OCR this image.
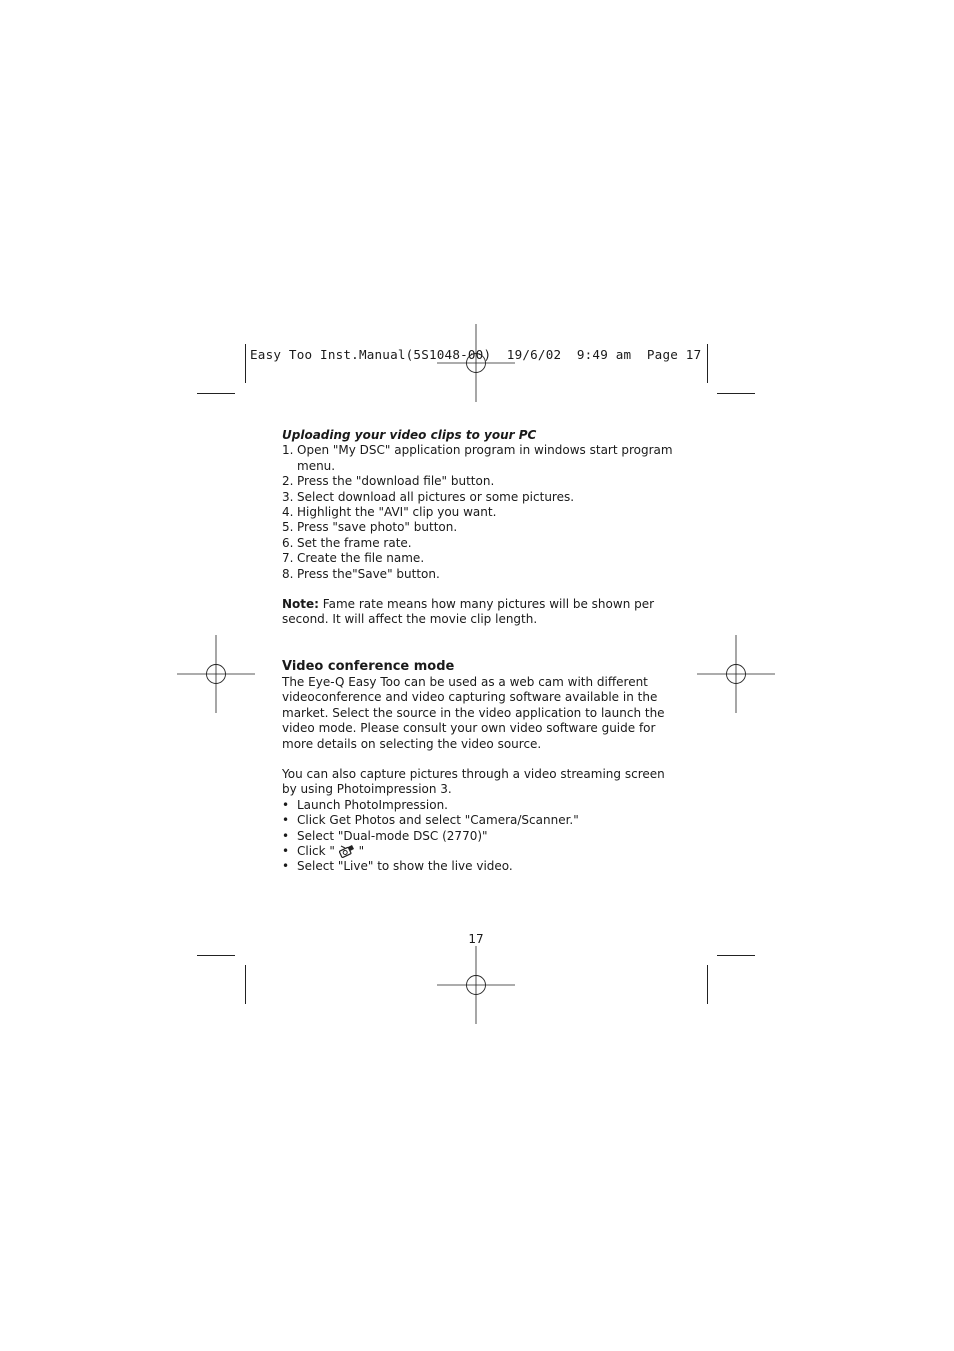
Easy Too Inst.Manual(5S1048-00)  19/6/02  9:49 am  Page 17
Uploading your video clips to your PC
1. Open "My DSC" application program in windows start program menu.
2. Press the "download file" button.
3. Select download all pictures or some pictures.
4. Highlight the "AVI" clip you want.
5. Press "save photo" button.
6. Set the frame rate.
7. Create the file name.
8. Press the"Save" button.

Note: Fame rate means how many pictures will be shown per second. It will affect the movie clip length.

Video conference mode

The Eye-Q Easy Too can be used as a web cam with different videoconference and video capturing software available in the market. Select the source in the video application to launch the video mode. Please consult your own video software guide for more details on selecting the video source.

You can also capture pictures through a video streaming screen by using Photoimpression 3.

• Launch PhotoImpression.
• Click Get Photos and select "Camera/Scanner."
• Select "Dual-mode DSC (2770)"
• Click "  "
• Select "Live" to show the live video.
17
